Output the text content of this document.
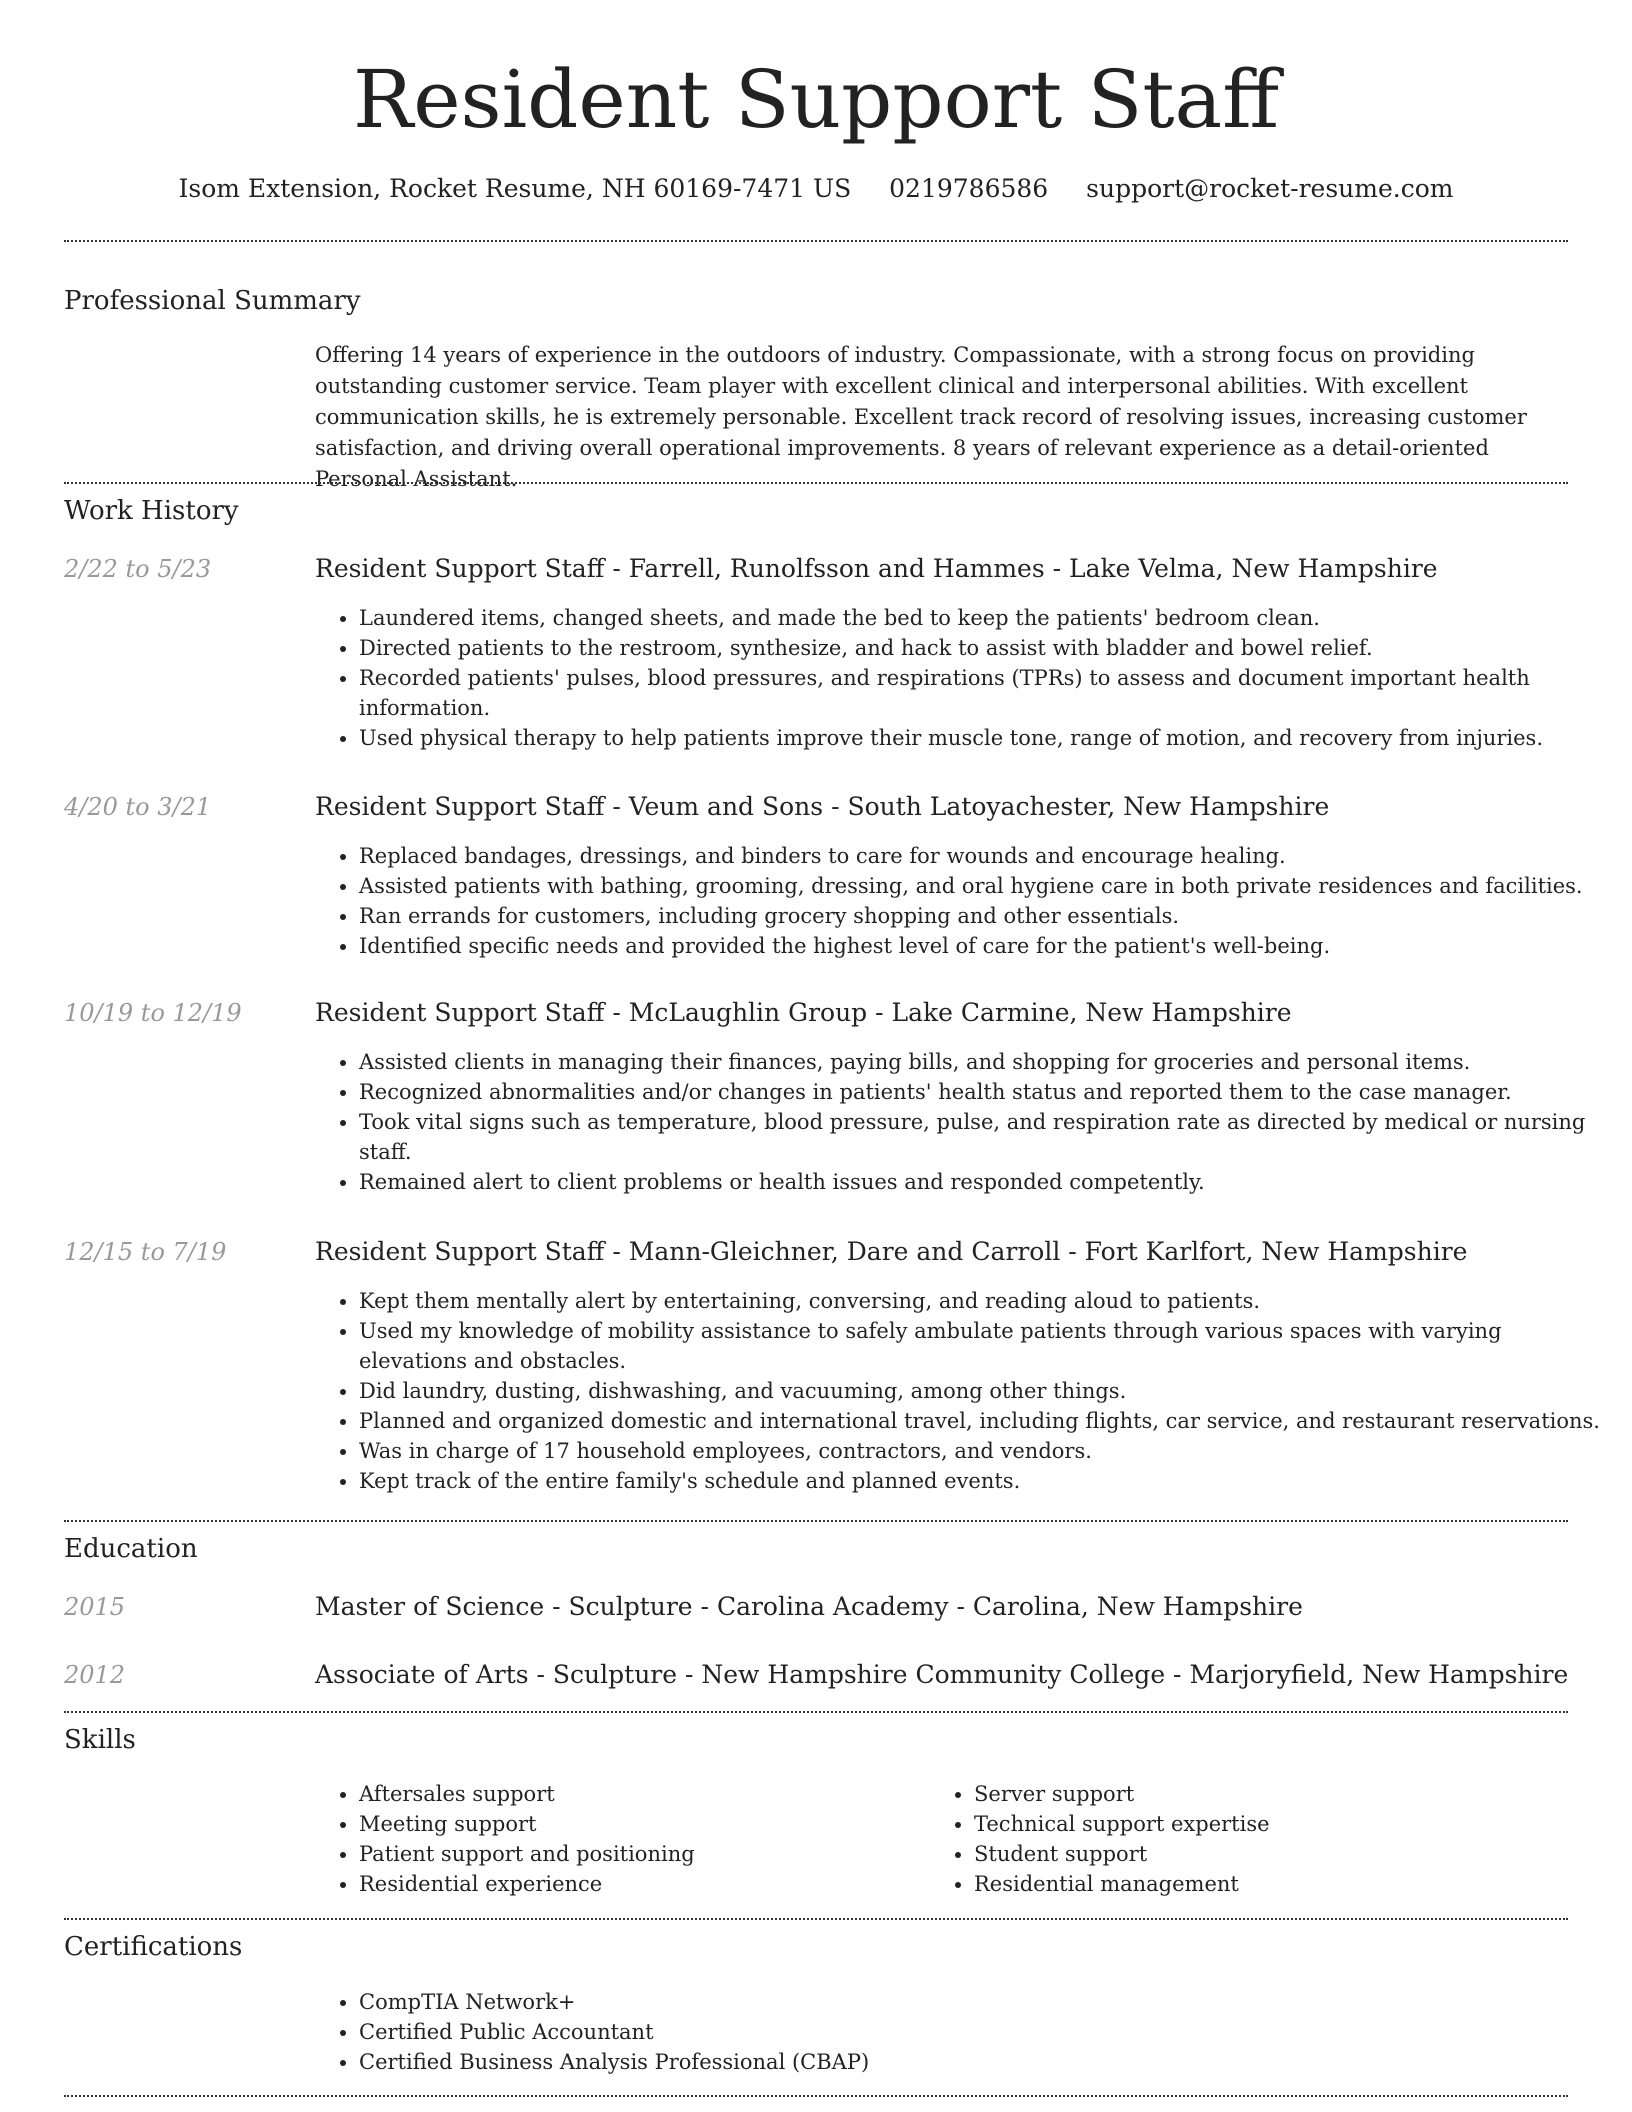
Resident Support Staff
Isom Extension, Rocket Resume, NH 60169-7471 US 0219786586 support@rocket-resume.com
Professional Summary

Offering 14 years of experience in the outdoors of industry. Compassionate, with a strong focus on providing outstanding customer service. Team player with excellent clinical and interpersonal abilities. With excellent communication skills, he is extremely personable. Excellent track record of resolving issues, increasing customer satisfaction, and driving overall operational improvements. 8 years of relevant experience as a detail-oriented Personal Assistant.

Work History
2/22 to 5/23	Resident Support Staff - Farrell, Runolfsson and Hammes - Lake Velma, New Hampshire
• Laundered items, changed sheets, and made the bed to keep the patients' bedroom clean.
• Directed patients to the restroom, synthesize, and hack to assist with bladder and bowel relief.
• Recorded patients' pulses, blood pressures, and respirations (TPRs) to assess and document important health information.
• Used physical therapy to help patients improve their muscle tone, range of motion, and recovery from injuries.
4/20 to 3/21	Resident Support Staff - Veum and Sons - South Latoyachester, New Hampshire
• Replaced bandages, dressings, and binders to care for wounds and encourage healing.
• Assisted patients with bathing, grooming, dressing, and oral hygiene care in both private residences and facilities.
• Ran errands for customers, including grocery shopping and other essentials.
• Identified specific needs and provided the highest level of care for the patient's well-being.
10/19 to 12/19	Resident Support Staff - McLaughlin Group - Lake Carmine, New Hampshire
• Assisted clients in managing their finances, paying bills, and shopping for groceries and personal items.
• Recognized abnormalities and/or changes in patients' health status and reported them to the case manager.
• Took vital signs such as temperature, blood pressure, pulse, and respiration rate as directed by medical or nursing staff.
• Remained alert to client problems or health issues and responded competently.
12/15 to 7/19	Resident Support Staff - Mann-Gleichner, Dare and Carroll - Fort Karlfort, New Hampshire
• Kept them mentally alert by entertaining, conversing, and reading aloud to patients.
• Used my knowledge of mobility assistance to safely ambulate patients through various spaces with varying elevations and obstacles.
• Did laundry, dusting, dishwashing, and vacuuming, among other things.
• Planned and organized domestic and international travel, including flights, car service, and restaurant reservations.
• Was in charge of 17 household employees, contractors, and vendors.
• Kept track of the entire family's schedule and planned events.
Education
2015	Master of Science - Sculpture - Carolina Academy - Carolina, New Hampshire
2012	Associate of Arts - Sculpture - New Hampshire Community College - Marjoryfield, New Hampshire
Skills
• Aftersales support
• Meeting support
• Patient support and positioning
• Residential experience
• Server support
• Technical support expertise
• Student support
• Residential management
Certifications
• CompTIA Network+
• Certified Public Accountant
• Certified Business Analysis Professional (CBAP)
